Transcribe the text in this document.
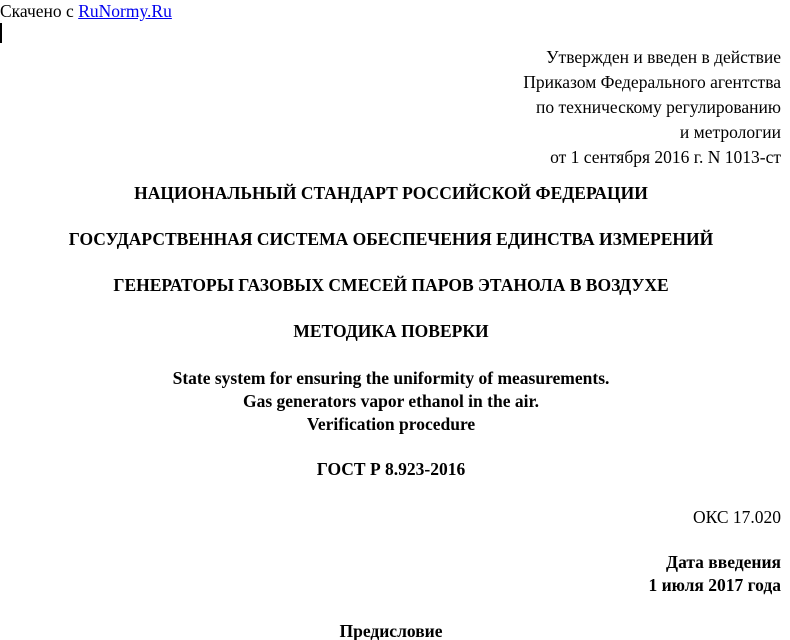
Скачено с RuNormy.Ru
Утвержден и введен в действие
Приказом Федерального агентства
по техническому регулированию
и метрологии
от 1 сентября 2016 г. N 1013-ст
НАЦИОНАЛЬНЫЙ СТАНДАРТ РОССИЙСКОЙ ФЕДЕРАЦИИ
ГОСУДАРСТВЕННАЯ СИСТЕМА ОБЕСПЕЧЕНИЯ ЕДИНСТВА ИЗМЕРЕНИЙ
ГЕНЕРАТОРЫ ГАЗОВЫХ СМЕСЕЙ ПАРОВ ЭТАНОЛА В ВОЗДУХЕ
МЕТОДИКА ПОВЕРКИ
State system for ensuring the uniformity of measurements.
Gas generators vapor ethanol in the air.
Verification procedure
ГОСТ Р 8.923-2016
ОКС 17.020
Дата введения
1 июля 2017 года
Предисловие
